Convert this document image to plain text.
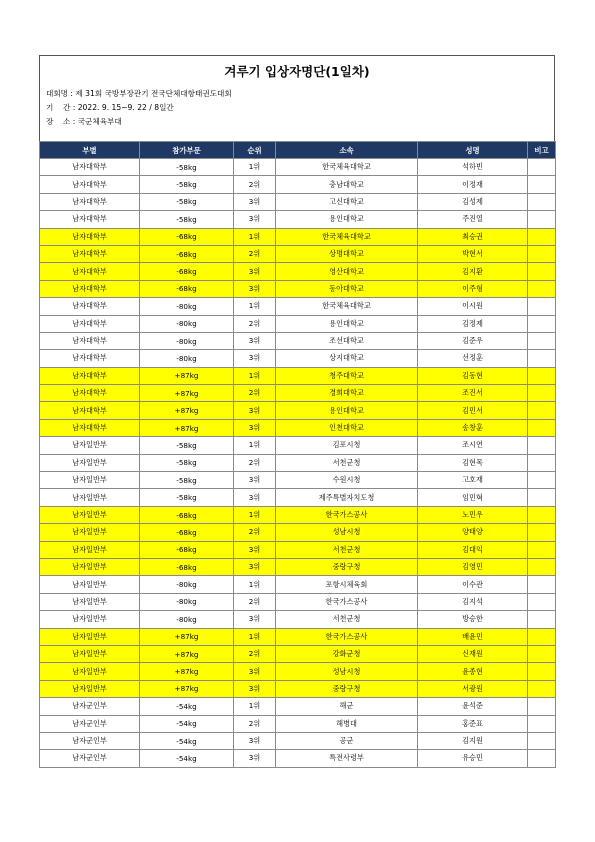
겨루기 입상자명단(1일차)
대회명 : 제 31회 국방부장관기 전국단체대항태권도대회
기    간 : 2022. 9. 15~9. 22 / 8일간
장    소 : 국군체육부대
부별	참가부문	순위	소속	성명	비고
남자대학부	-58kg	1위	한국체육대학교	석하빈	
남자대학부	-58kg	2위	충남대학교	이정재	
남자대학부	-58kg	3위	고신대학교	김성제	
남자대학부	-58kg	3위	용인대학교	주진열	
남자대학부	-68kg	1위	한국체육대학교	최승권	
남자대학부	-68kg	2위	상명대학교	박현서	
남자대학부	-68kg	3위	영산대학교	김지환	
남자대학부	-68kg	3위	동아대학교	이주형	
남자대학부	-80kg	1위	한국체육대학교	이시원	
남자대학부	-80kg	2위	용인대학교	김정제	
남자대학부	-80kg	3위	조선대학교	김준우	
남자대학부	-80kg	3위	상지대학교	선정훈	
남자대학부	+87kg	1위	청주대학교	김동현	
남자대학부	+87kg	2위	경희대학교	조진서	
남자대학부	+87kg	3위	용인대학교	김민서	
남자대학부	+87kg	3위	인천대학교	송창훈	
남자일반부	-58kg	1위	김포시청	조시연	
남자일반부	-58kg	2위	서천군청	김현목	
남자일반부	-58kg	3위	수원시청	고호재	
남자일반부	-58kg	3위	제주특별자치도청	임민혁	
남자일반부	-68kg	1위	한국가스공사	노민우	
남자일반부	-68kg	2위	성남시청	양태양	
남자일반부	-68kg	3위	서천군청	김대익	
남자일반부	-68kg	3위	중랑구청	김영민	
남자일반부	-80kg	1위	포항시체육회	이수관	
남자일반부	-80kg	2위	한국가스공사	김지석	
남자일반부	-80kg	3위	서천군청	방승한	
남자일반부	+87kg	1위	한국가스공사	배윤민	
남자일반부	+87kg	2위	강화군청	신재원	
남자일반부	+87kg	3위	성남시청	윤종현	
남자일반부	+87kg	3위	중랑구청	서광원	
남자군인부	-54kg	1위	해군	윤석준	
남자군인부	-54kg	2위	해병대	홍준표	
남자군인부	-54kg	3위	공군	김지원	
남자군인부	-54kg	3위	특전사령부	유승민	
